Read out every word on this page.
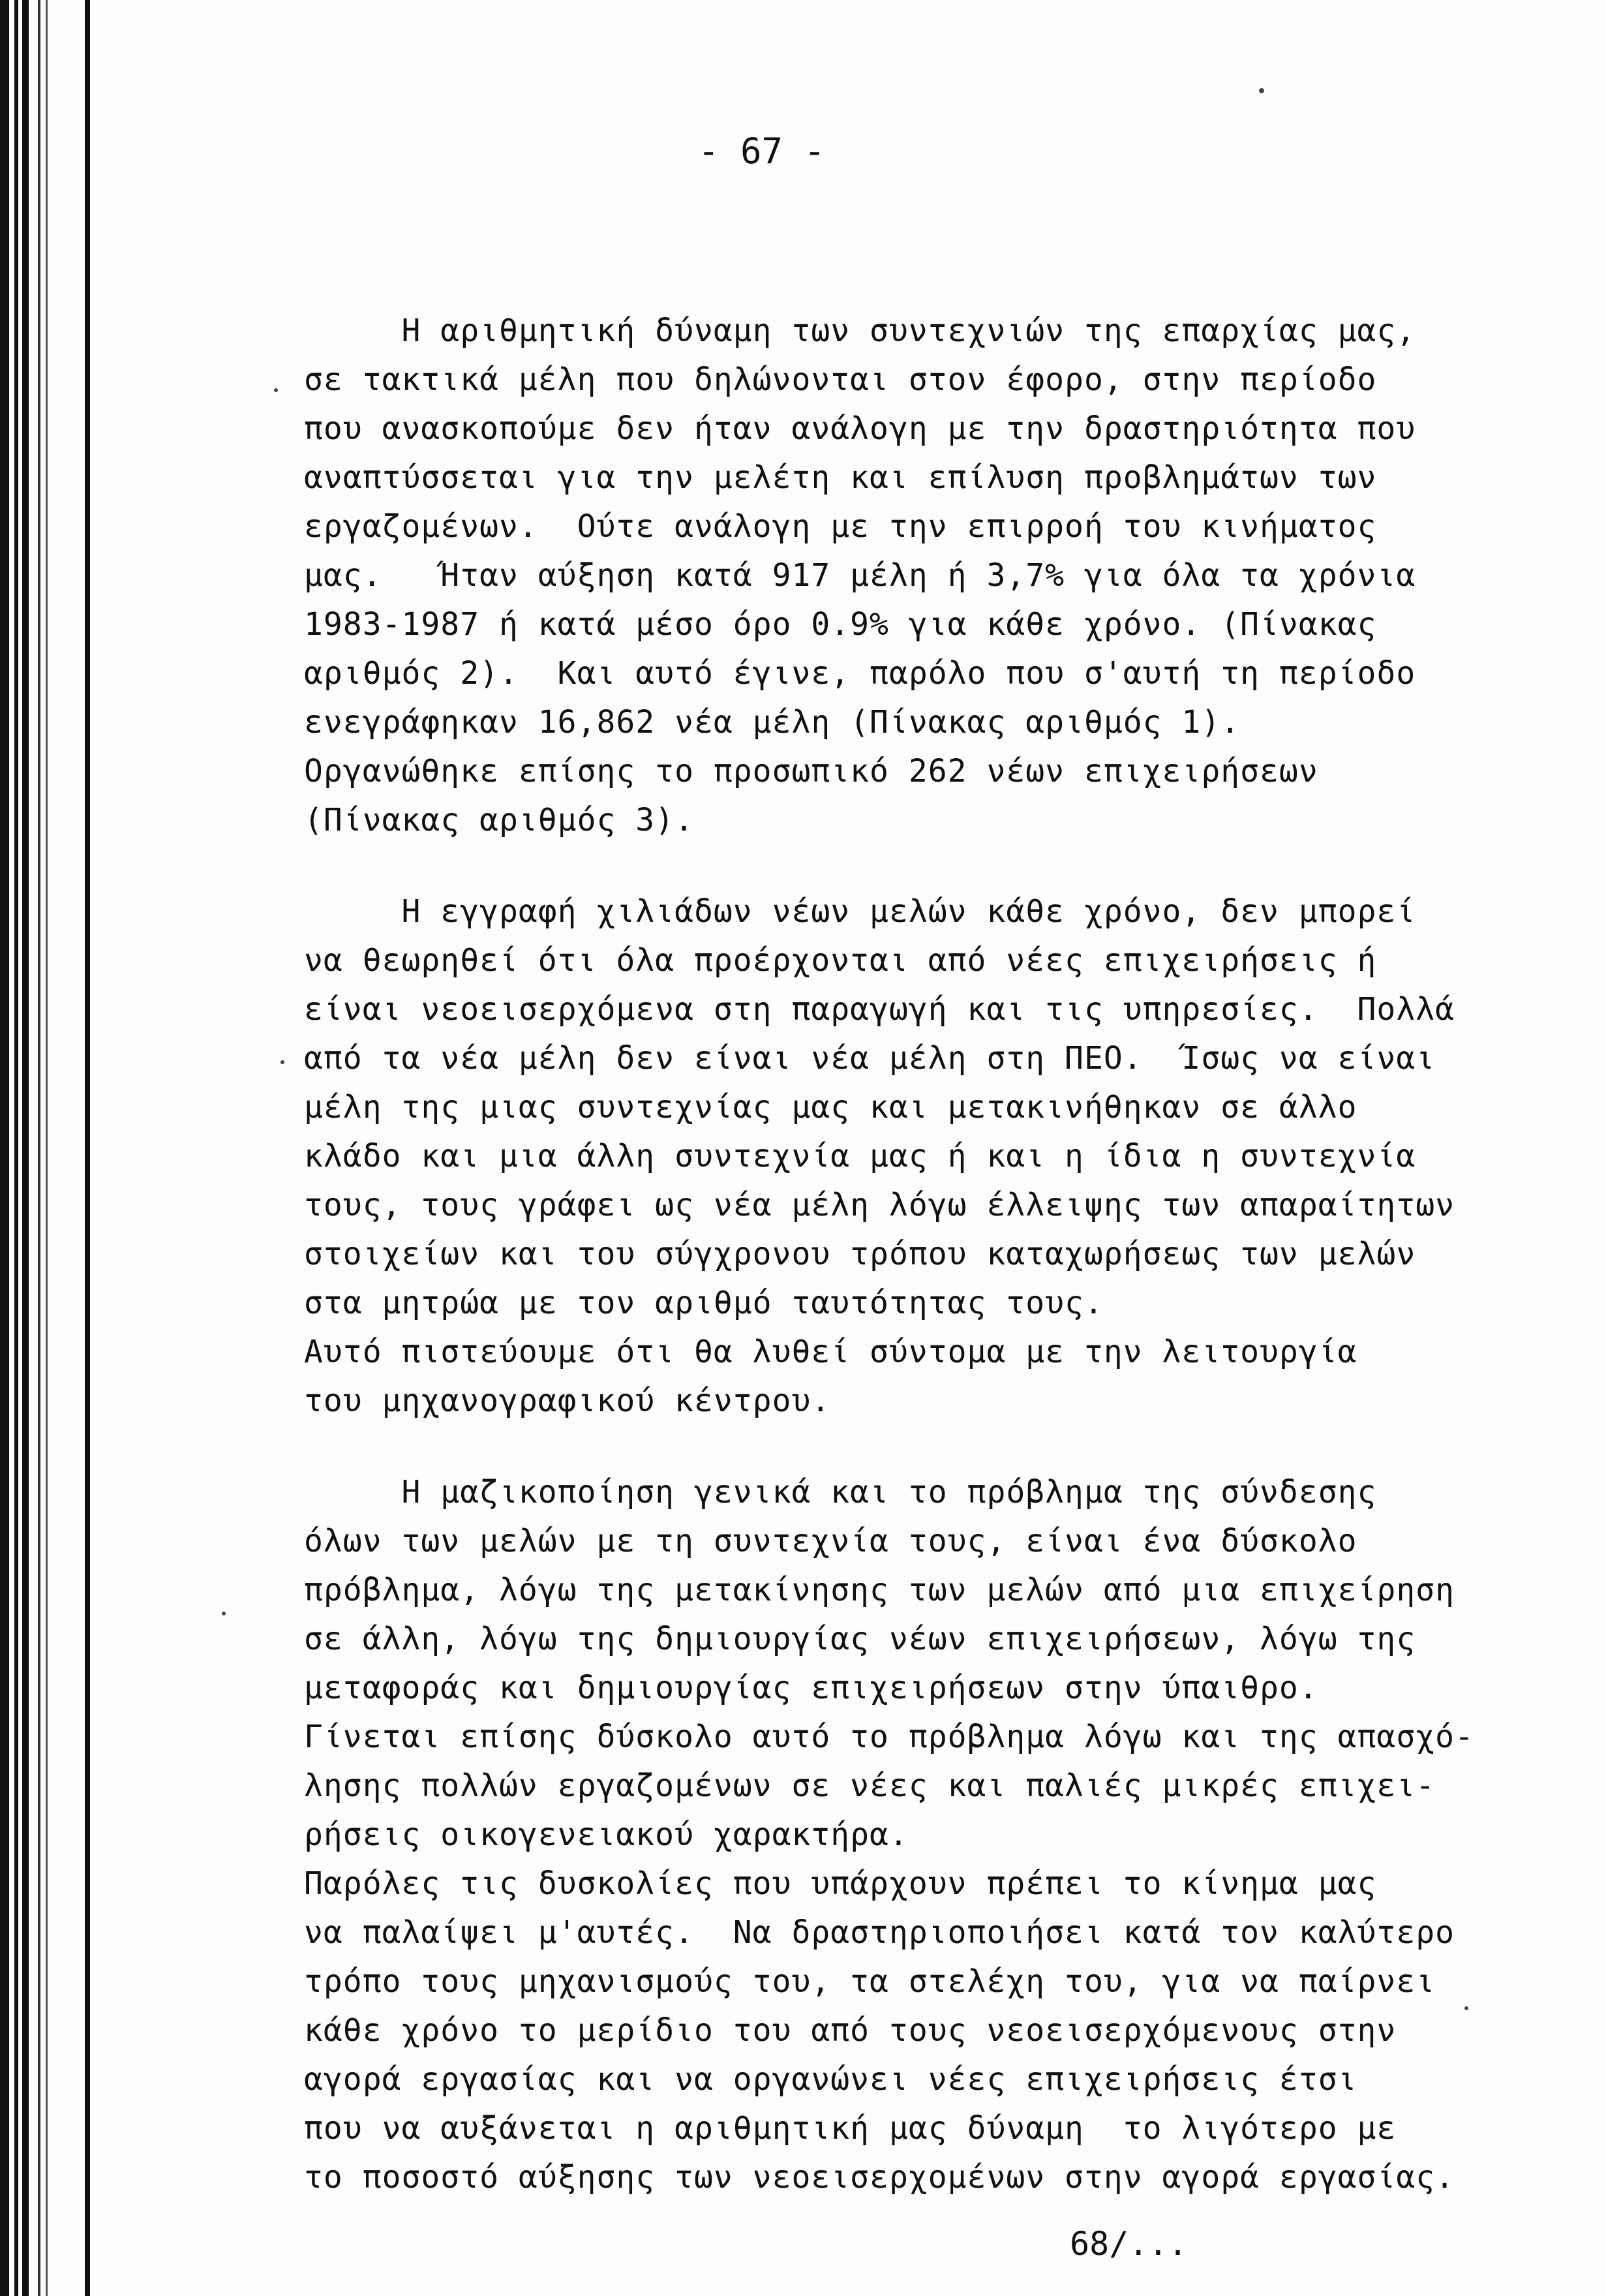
- 67 -
Η αριθμητική δύναμη των συντεχνιών της επαρχίας μας,
σε τακτικά μέλη που δηλώνονται στον έφορο, στην περίοδο
που ανασκοπούμε δεν ήταν ανάλογη με την δραστηριότητα που
αναπτύσσεται για την μελέτη και επίλυση προβλημάτων των
εργαζομένων.  Ούτε ανάλογη με την επιρροή του κινήματος
μας.   Ήταν αύξηση κατά 917 μέλη ή 3,7% για όλα τα χρόνια
1983-1987 ή κατά μέσο όρο 0.9% για κάθε χρόνο. (Πίνακας
αριθμός 2).  Και αυτό έγινε, παρόλο που σ'αυτή τη περίοδο
ενεγράφηκαν 16,862 νέα μέλη (Πίνακας αριθμός 1).
Οργανώθηκε επίσης το προσωπικό 262 νέων επιχειρήσεων
(Πίνακας αριθμός 3).
Η εγγραφή χιλιάδων νέων μελών κάθε χρόνο, δεν μπορεί
να θεωρηθεί ότι όλα προέρχονται από νέες επιχειρήσεις ή
είναι νεοεισερχόμενα στη παραγωγή και τις υπηρεσίες.  Πολλά
από τα νέα μέλη δεν είναι νέα μέλη στη ΠΕΟ.  Ίσως να είναι
μέλη της μιας συντεχνίας μας και μετακινήθηκαν σε άλλο
κλάδο και μια άλλη συντεχνία μας ή και η ίδια η συντεχνία
τους, τους γράφει ως νέα μέλη λόγω έλλειψης των απαραίτητων
στοιχείων και του σύγχρονου τρόπου καταχωρήσεως των μελών
στα μητρώα με τον αριθμό ταυτότητας τους.
Αυτό πιστεύουμε ότι θα λυθεί σύντομα με την λειτουργία
του μηχανογραφικού κέντρου.
Η μαζικοποίηση γενικά και το πρόβλημα της σύνδεσης
όλων των μελών με τη συντεχνία τους, είναι ένα δύσκολο
πρόβλημα, λόγω της μετακίνησης των μελών από μια επιχείρηση
σε άλλη, λόγω της δημιουργίας νέων επιχειρήσεων, λόγω της
μεταφοράς και δημιουργίας επιχειρήσεων στην ύπαιθρο.
Γίνεται επίσης δύσκολο αυτό το πρόβλημα λόγω και της απασχό-
λησης πολλών εργαζομένων σε νέες και παλιές μικρές επιχει-
ρήσεις οικογενειακού χαρακτήρα.
Παρόλες τις δυσκολίες που υπάρχουν πρέπει το κίνημα μας
να παλαίψει μ'αυτές.  Να δραστηριοποιήσει κατά τον καλύτερο
τρόπο τους μηχανισμούς του, τα στελέχη του, για να παίρνει
κάθε χρόνο το μερίδιο του από τους νεοεισερχόμενους στην
αγορά εργασίας και να οργανώνει νέες επιχειρήσεις έτσι
που να αυξάνεται η αριθμητική μας δύναμη  το λιγότερο με
το ποσοστό αύξησης των νεοεισερχομένων στην αγορά εργασίας.
68/...
